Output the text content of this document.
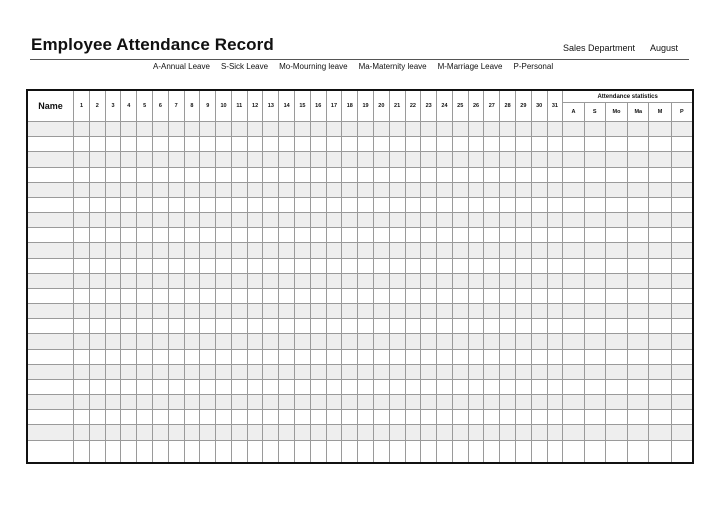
Employee Attendance Record	Sales Department August
A-Annual Leave S-Sick Leave Mo-Mourning leave Ma-Maternity leave M-Marriage Leave P-Personal
Name	1	2	3	4	5	6	7	8	9	10	11	12	13	14	15	16	17	18	19	20	21	22	23	24	25	26	27	28	29	30	31	Attendance statistics					
																																A	S	Mo	Ma	M	P
